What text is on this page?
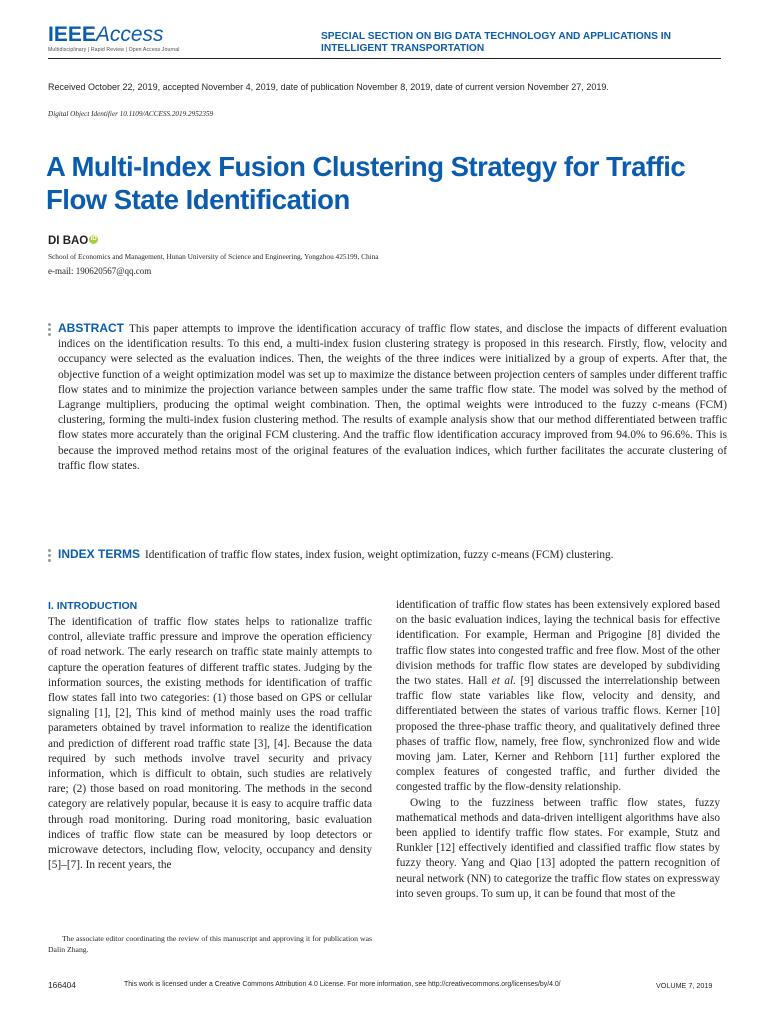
IEEEAccess
Multidisciplinary | Rapid Review | Open Access Journal
SPECIAL SECTION ON BIG DATA TECHNOLOGY AND APPLICATIONS IN INTELLIGENT TRANSPORTATION
Received October 22, 2019, accepted November 4, 2019, date of publication November 8, 2019, date of current version November 27, 2019.
Digital Object Identifier 10.1109/ACCESS.2019.2952359
A Multi-Index Fusion Clustering Strategy for Traffic Flow State Identification
DI BAO iD
School of Economics and Management, Hunan University of Science and Engineering, Yongzhou 425199, China
e-mail: 190620567@qq.com
ABSTRACT This paper attempts to improve the identification accuracy of traffic flow states, and disclose the impacts of different evaluation indices on the identification results. To this end, a multi-index fusion clustering strategy is proposed in this research. Firstly, flow, velocity and occupancy were selected as the evaluation indices. Then, the weights of the three indices were initialized by a group of experts. After that, the objective function of a weight optimization model was set up to maximize the distance between projection centers of samples under different traffic flow states and to minimize the projection variance between samples under the same traffic flow state. The model was solved by the method of Lagrange multipliers, producing the optimal weight combination. Then, the optimal weights were introduced to the fuzzy c-means (FCM) clustering, forming the multi-index fusion clustering method. The results of example analysis show that our method differentiated between traffic flow states more accurately than the original FCM clustering. And the traffic flow identification accuracy improved from 94.0% to 96.6%. This is because the improved method retains most of the original features of the evaluation indices, which further facilitates the accurate clustering of traffic flow states.
INDEX TERMS Identification of traffic flow states, index fusion, weight optimization, fuzzy c-means (FCM) clustering.
I. INTRODUCTION

The identification of traffic flow states helps to rationalize traffic control, alleviate traffic pressure and improve the operation efficiency of road network. The early research on traffic state mainly attempts to capture the operation features of different traffic states. Judging by the information sources, the existing methods for identification of traffic flow states fall into two categories: (1) those based on GPS or cellular signaling [1], [2], This kind of method mainly uses the road traffic parameters obtained by travel information to realize the identification and prediction of different road traffic state [3], [4]. Because the data required by such methods involve travel security and privacy information, which is difficult to obtain, such studies are relatively rare; (2) those based on road monitoring. The methods in the second category are relatively popular, because it is easy to acquire traffic data through road monitoring. During road monitoring, basic evaluation indices of traffic flow state can be measured by loop detectors or microwave detectors, including flow, velocity, occupancy and density [5]–[7]. In recent years, the

identification of traffic flow states has been extensively explored based on the basic evaluation indices, laying the technical basis for effective identification. For example, Herman and Prigogine [8] divided the traffic flow states into congested traffic and free flow. Most of the other division methods for traffic flow states are developed by subdividing the two states. Hall et al. [9] discussed the interrelationship between traffic flow state variables like flow, velocity and density, and differentiated between the states of various traffic flows. Kerner [10] proposed the three-phase traffic theory, and qualitatively defined three phases of traffic flow, namely, free flow, synchronized flow and wide moving jam. Later, Kerner and Rehborn [11] further explored the complex features of congested traffic, and further divided the congested traffic by the flow-density relationship.

Owing to the fuzziness between traffic flow states, fuzzy mathematical methods and data-driven intelligent algorithms have also been applied to identify traffic flow states. For example, Stutz and Runkler [12] effectively identified and classified traffic flow states by fuzzy theory. Yang and Qiao [13] adopted the pattern recognition of neural network (NN) to categorize the traffic flow states on expressway into seven groups. To sum up, it can be found that most of the

The associate editor coordinating the review of this manuscript and approving it for publication was Dalin Zhang.
166404	This work is licensed under a Creative Commons Attribution 4.0 License. For more information, see http://creativecommons.org/licenses/by/4.0/	VOLUME 7, 2019
